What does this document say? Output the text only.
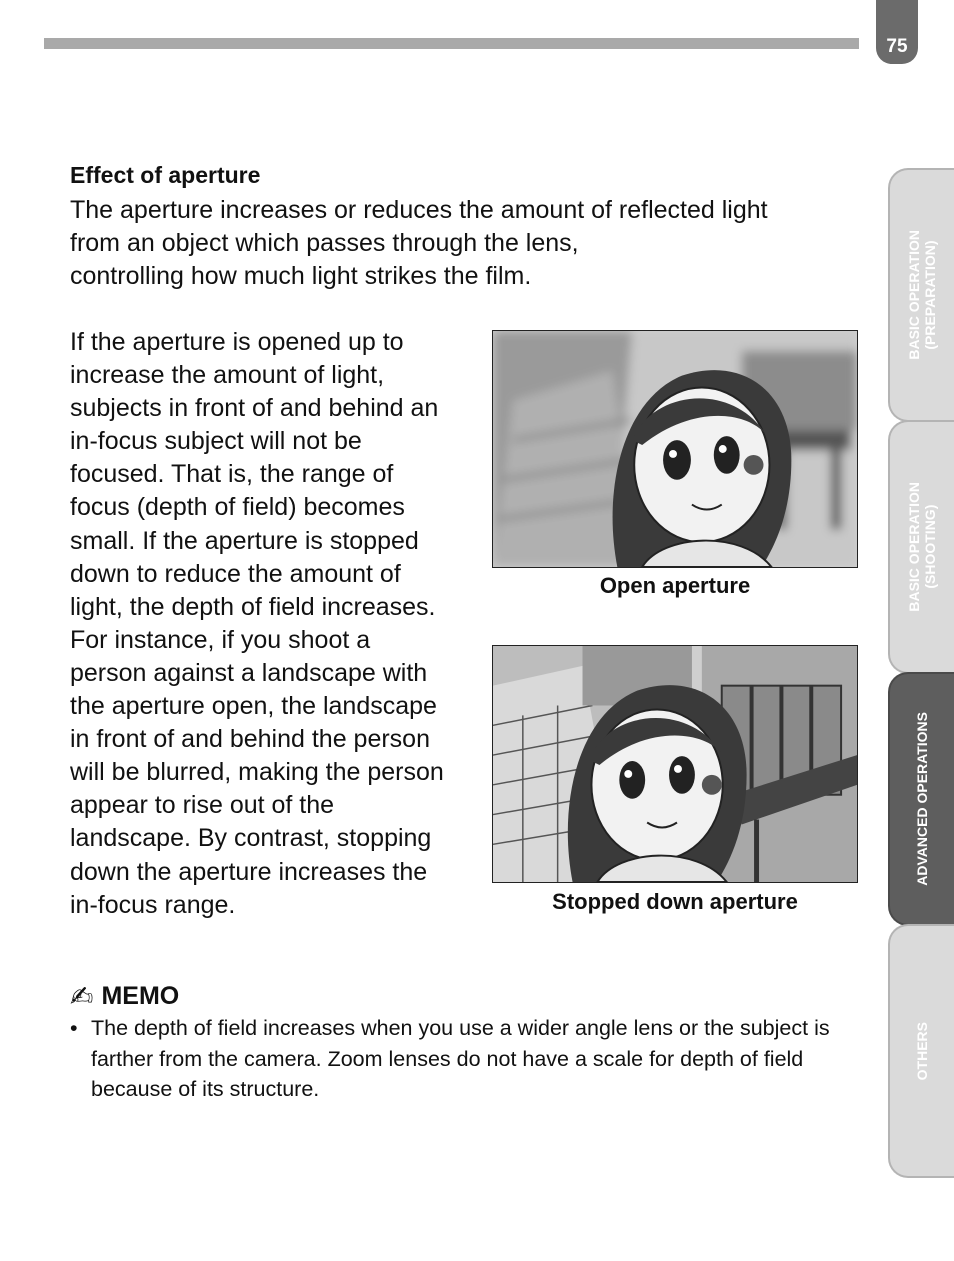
75
Effect of aperture

The aperture increases or reduces the amount of reflected light
from an object which passes through the lens,
controlling how much light strikes the film.

If the aperture is opened up to increase the amount of light, subjects in front of and behind an in-focus subject will not be focused. That is, the range of focus (depth of field) becomes small. If the aperture is stopped down to reduce the amount of light, the depth of field increases. For instance, if you shoot a person against a landscape with the aperture open, the landscape in front of and behind the person will be blurred, making the person appear to rise out of the landscape. By contrast, stopping down the aperture increases the in-focus range.

Open aperture
Stopped down aperture
✍ MEMO
• The depth of field increases when you use a wider angle lens or the subject is farther from the camera. Zoom lenses do not have a scale for depth of field because of its structure.
BASIC OPERATION (PREPARATION)
BASIC OPERATION (SHOOTING)
ADVANCED OPERATIONS
OTHERS
